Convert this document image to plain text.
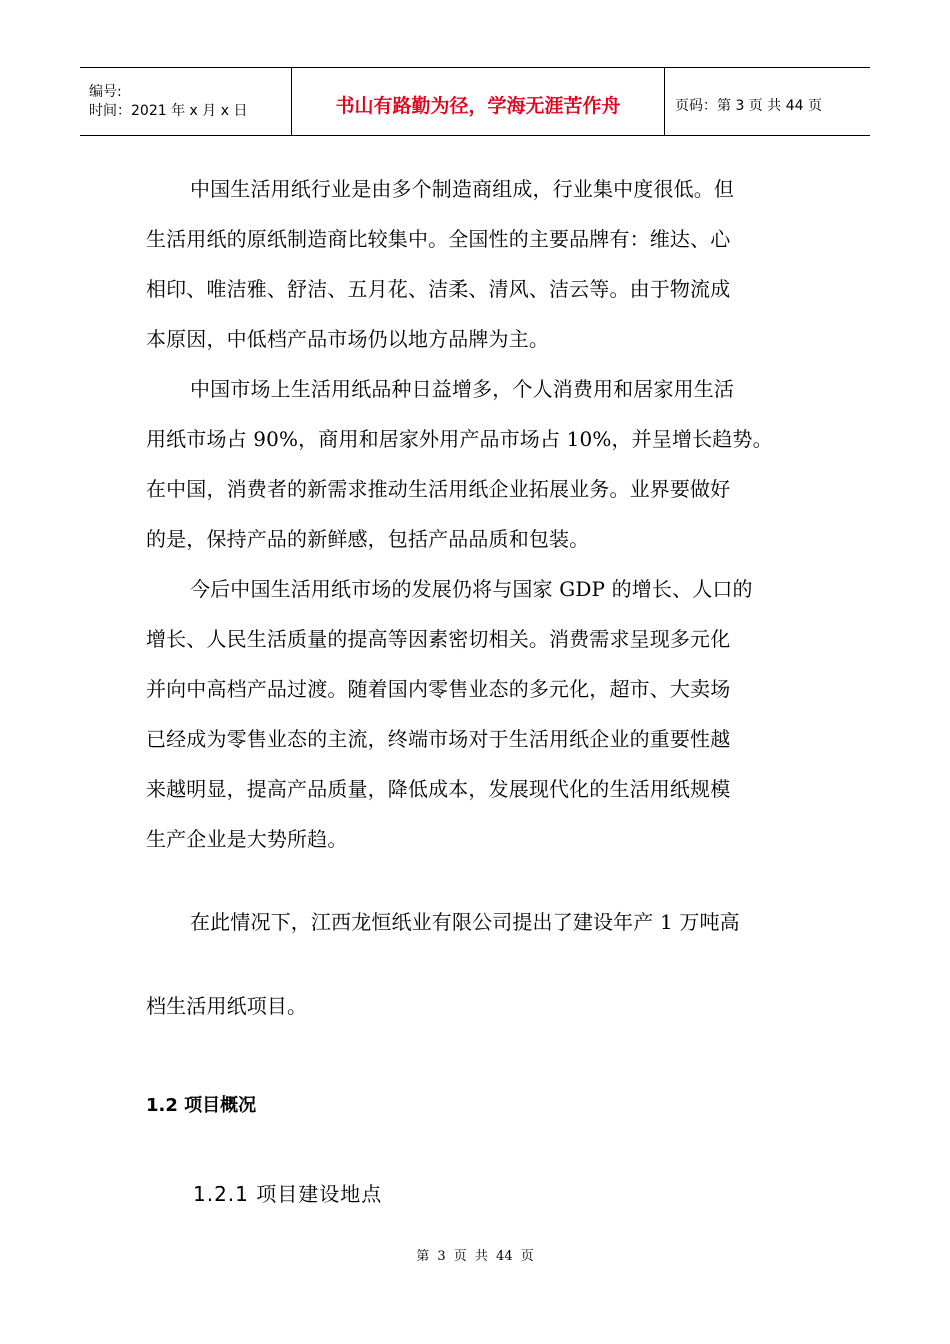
编号:
时间：2021 年 x 月 x 日	书山有路勤为径，学海无涯苦作舟	页码：第 3 页 共 44 页

中国生活用纸行业是由多个制造商组成，行业集中度很低。但
生活用纸的原纸制造商比较集中。全国性的主要品牌有：维达、心
相印、唯洁雅、舒洁、五月花、洁柔、清风、洁云等。由于物流成
本原因，中低档产品市场仍以地方品牌为主。

中国市场上生活用纸品种日益增多，个人消费用和居家用生活
用纸市场占 90%，商用和居家外用产品市场占 10%，并呈增长趋势。
在中国，消费者的新需求推动生活用纸企业拓展业务。业界要做好
的是，保持产品的新鲜感，包括产品品质和包装。

今后中国生活用纸市场的发展仍将与国家 GDP 的增长、人口的
增长、人民生活质量的提高等因素密切相关。消费需求呈现多元化
并向中高档产品过渡。随着国内零售业态的多元化，超市、大卖场
已经成为零售业态的主流，终端市场对于生活用纸企业的重要性越
来越明显，提高产品质量，降低成本，发展现代化的生活用纸规模
生产企业是大势所趋。

在此情况下，江西龙恒纸业有限公司提出了建设年产 1 万吨高
档生活用纸项目。

1.2 项目概况
1.2.1 项目建设地点
第 3 页 共 44 页
